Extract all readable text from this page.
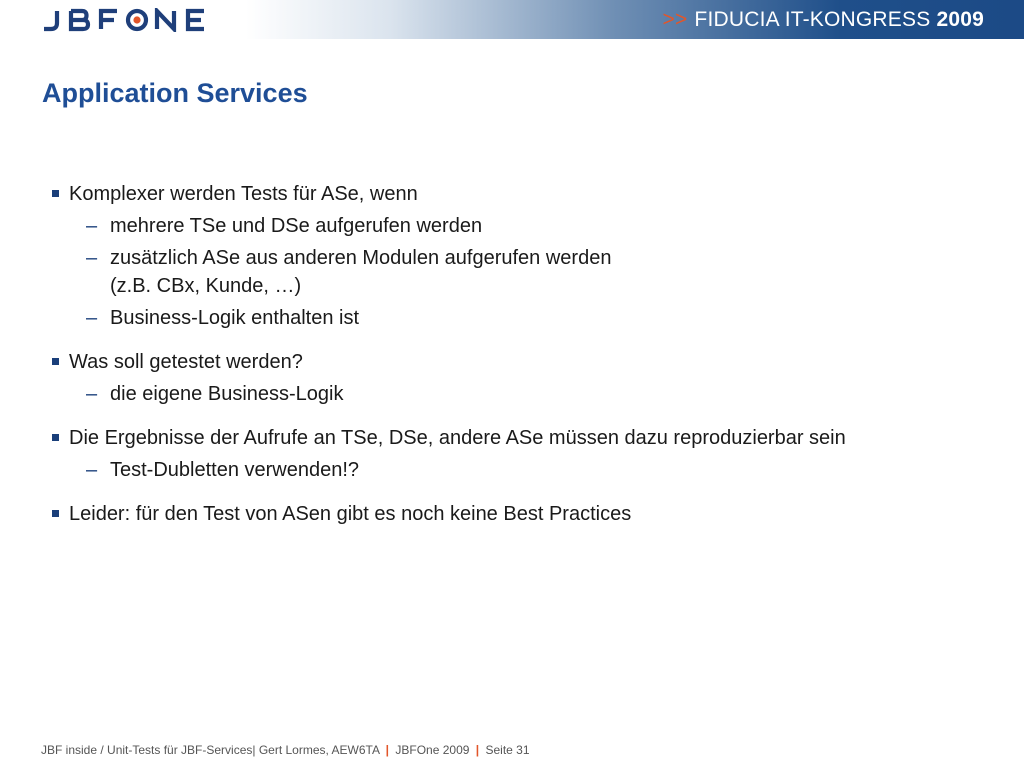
>> FIDUCIA IT-KONGRESS 2009
Application Services
Komplexer werden Tests für ASe, wenn
– mehrere TSe und DSe aufgerufen werden
– zusätzlich ASe aus anderen Modulen aufgerufen werden
(z.B. CBx, Kunde, …)
– Business-Logik enthalten ist
Was soll getestet werden?
– die eigene Business-Logik
Die Ergebnisse der Aufrufe an TSe, DSe, andere ASe müssen dazu reproduzierbar sein
– Test-Dubletten verwenden!?
Leider: für den Test von ASen gibt es noch keine Best Practices
JBF inside / Unit-Tests für JBF-Services| Gert Lormes, AEW6TA | JBFOne 2009 | Seite 31
